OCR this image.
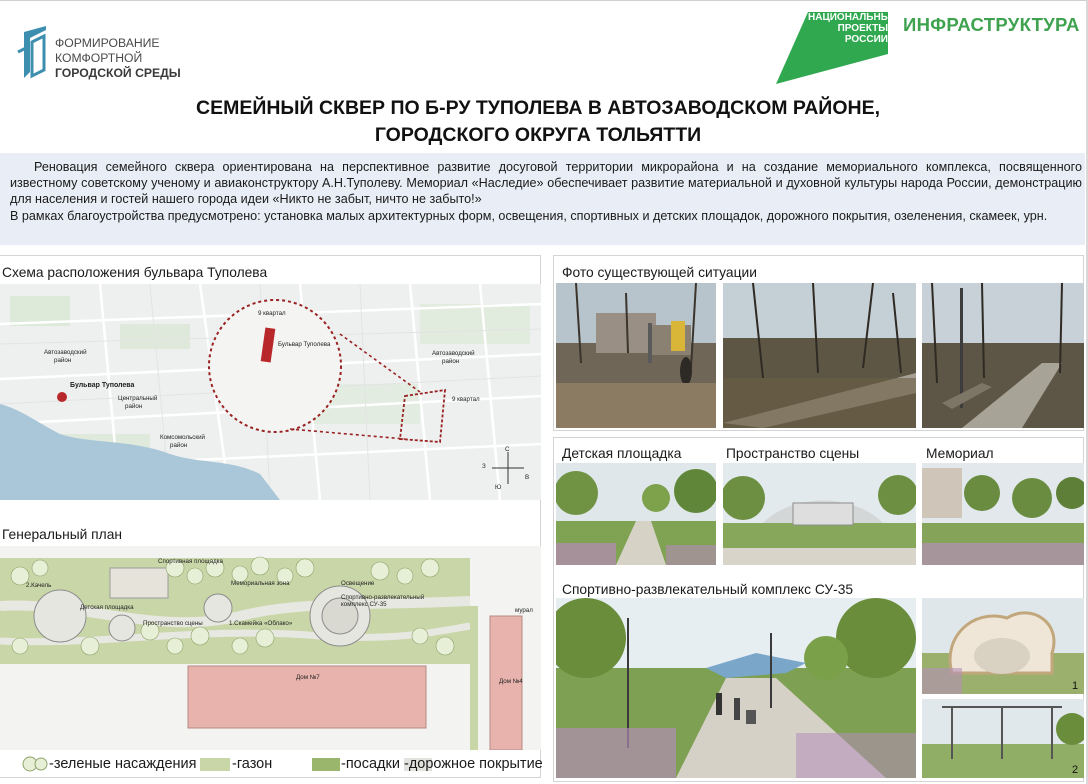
ФОРМИРОВАНИЕ
КОМФОРТНОЙ
ГОРОДСКОЙ СРЕДЫ
НАЦИОНАЛЬНЫЕ
ПРОЕКТЫ
РОССИИ
ИНФРАСТРУКТУРА
СЕМЕЙНЫЙ СКВЕР ПО Б-РУ ТУПОЛЕВА В АВТОЗАВОДСКОМ РАЙОНЕ,
ГОРОДСКОГО ОКРУГА ТОЛЬЯТТИ

Реновация семейного сквера ориентирована на перспективное развитие досуговой территории микрорайона и на создание мемориального комплекса, посвященного известному советскому ученому и авиаконструктору А.Н.Туполеву. Мемориал «Наследие» обеспечивает развитие материальной и духовной культуры народа России, демонстрацию для населения и гостей нашего города идеи «Никто не забыт, ничто не забыто!»

В рамках благоустройства предусмотрено: установка малых архитектурных форм, освещения, спортивных и детских площадок, дорожного покрытия, озеленения, скамеек, урн.

Схема расположения бульвара Туполева
Автозаводский
район
Бульвар Туполева
Центральный
район
Комсомольский
район
9 квартал
Бульвар Туполева
Автозаводский
район
9 квартал
С
Ю
З
В
Генеральный план
Спортивная площадка
2.Качель
Детская площадка
Мемориальная зона
Пространство сцены
Освещение
Спортивно-развлекательный
комплекс СУ-35
1.Скамейка «Облако»
мурал
Дом №7
Дом №4
-зеленые насаждения -газон	-посадки -дорожное покрытие
Фото существующей ситуации
Детская площадка	Пространство сцены	Мемориал
Спортивно-развлекательный комплекс СУ-35
1
2
